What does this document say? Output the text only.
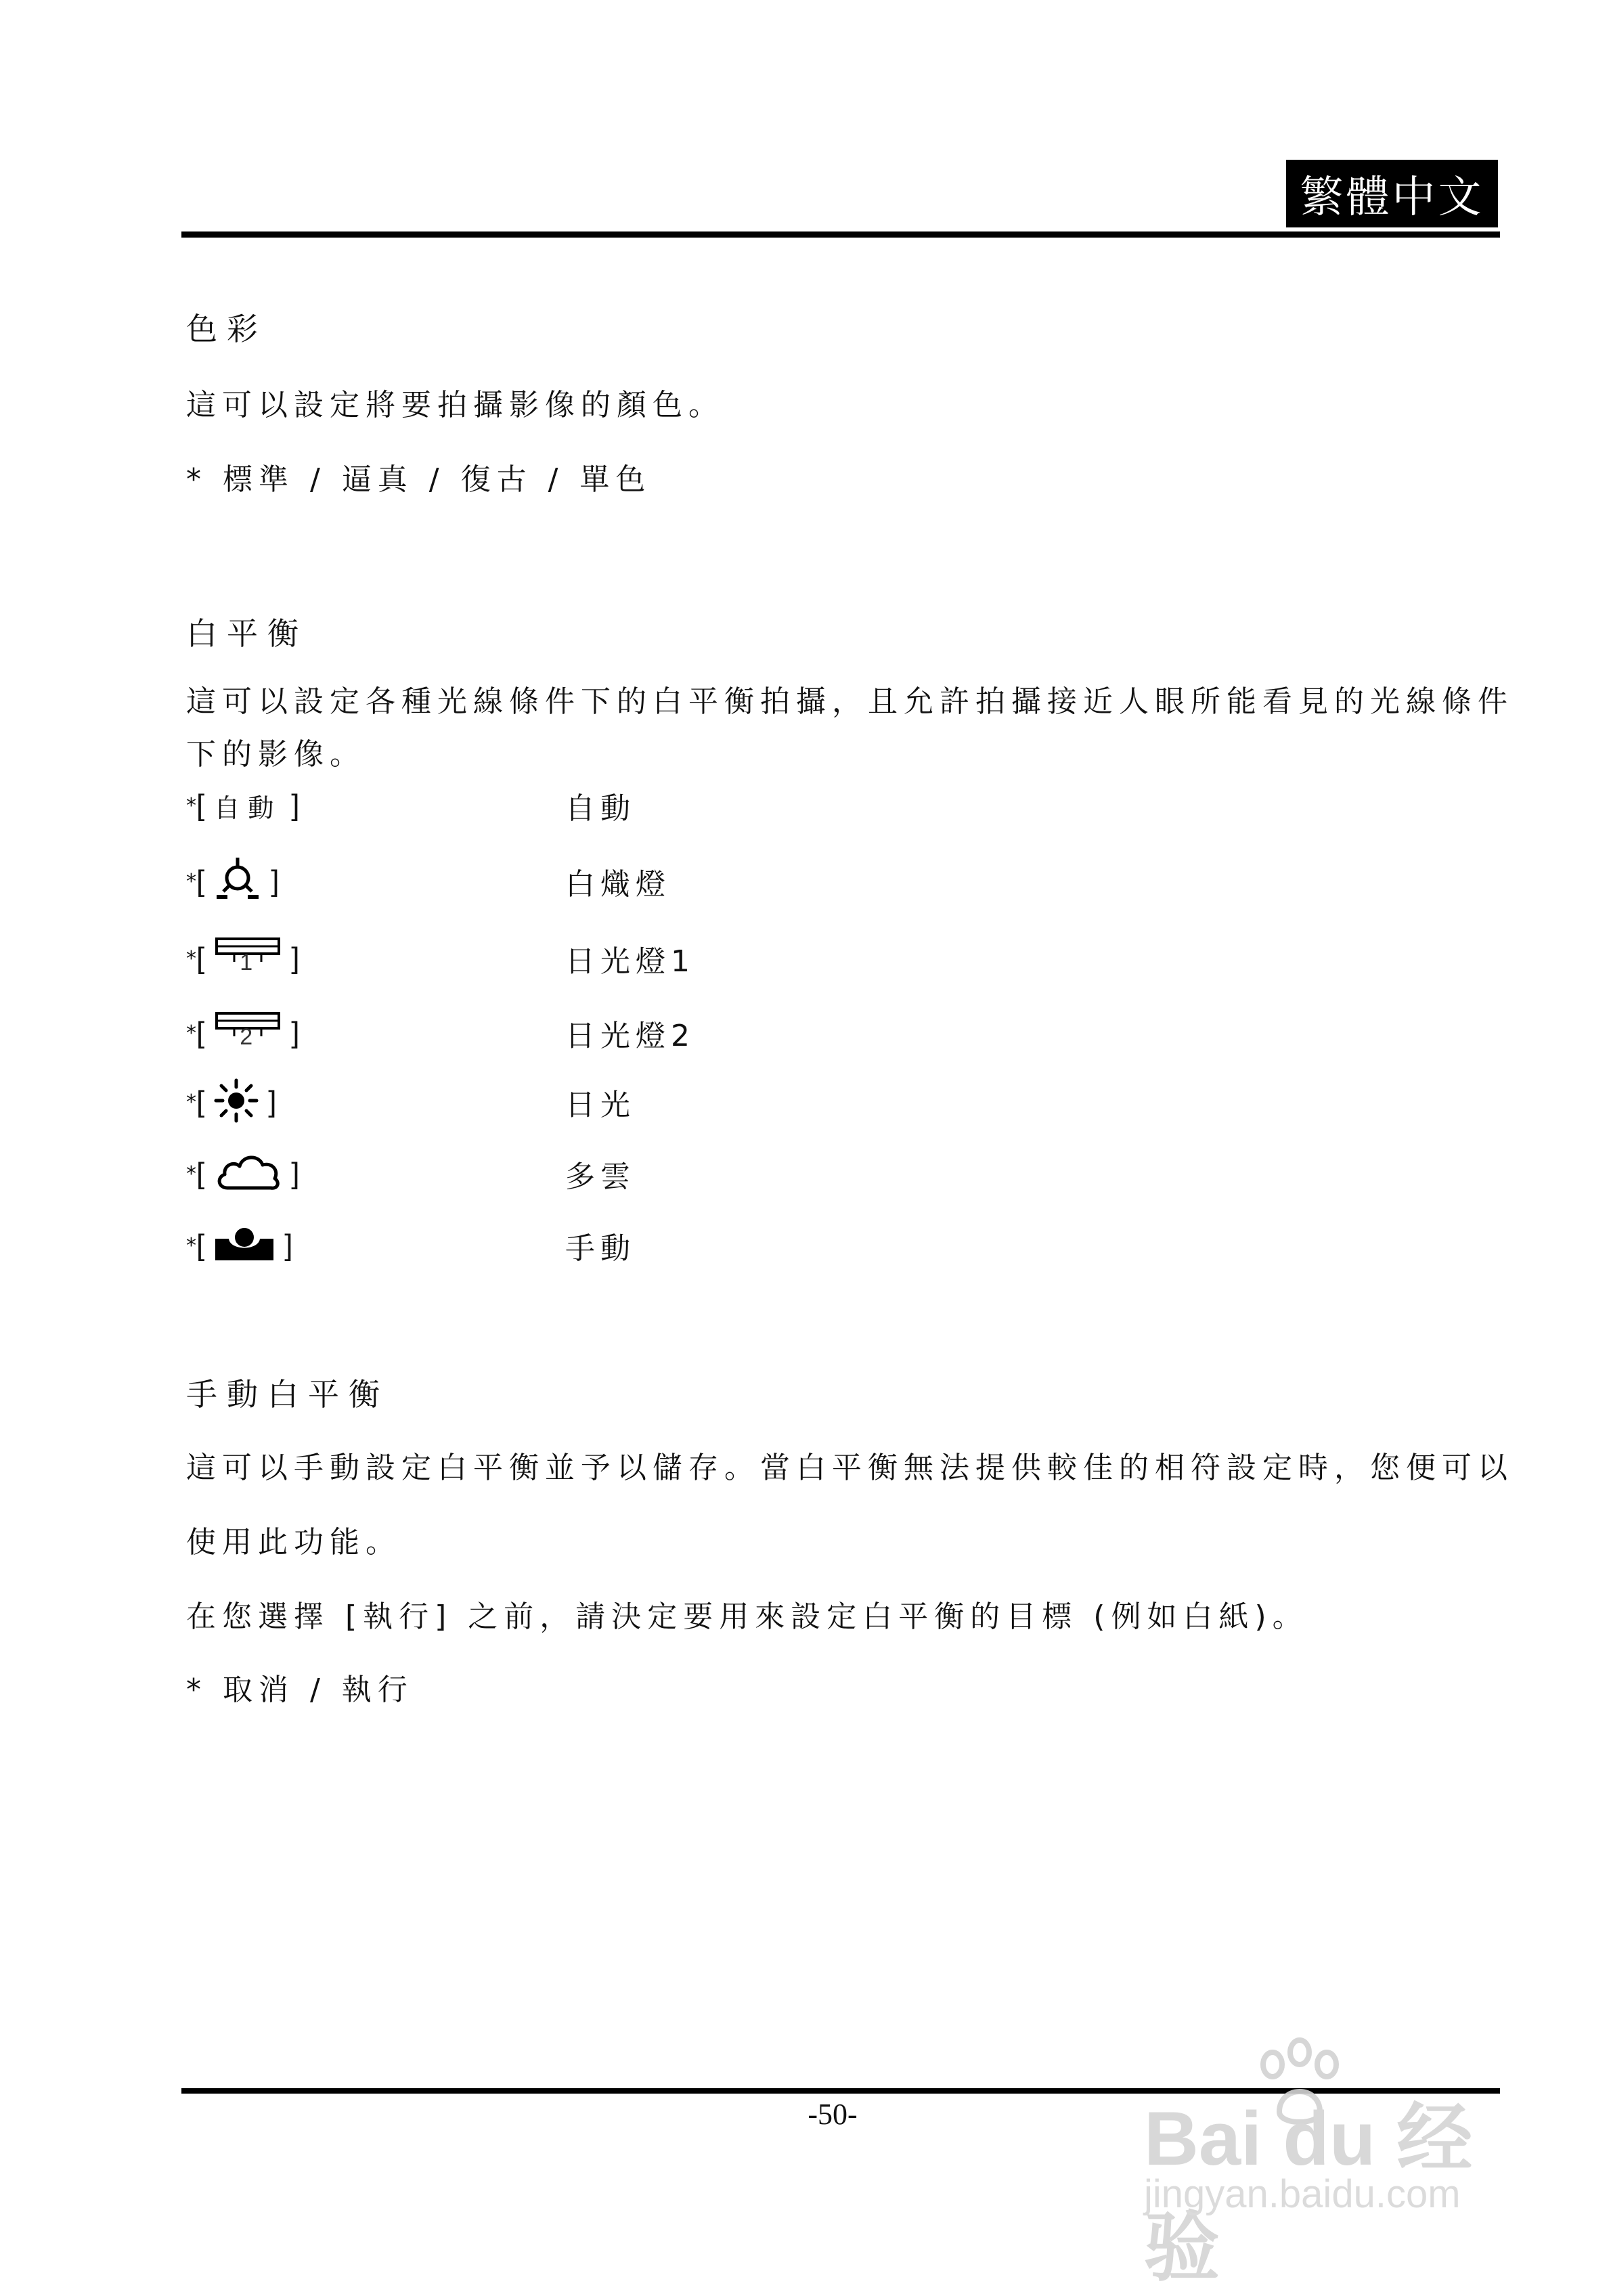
繁體中文
色彩
這可以設定將要拍攝影像的顏色。
* 標準 / 逼真 / 復古 / 單色
白平衡
這可以設定各種光線條件下的白平衡拍攝，且允許拍攝接近人眼所能看見的光線條件
下的影像。
* [ 自動 ]	自動
* [ ]	白熾燈
* [ 1 ]	日光燈1
* [ 2 ]	日光燈2
* [ ]	日光
* [	]	多雲
* [	]	手動
手動白平衡
這可以手動設定白平衡並予以儲存。當白平衡無法提供較佳的相符設定時，您便可以
使用此功能。
在您選擇 [執行] 之前，請決定要用來設定白平衡的目標 (例如白紙)。
* 取消 / 執行
-50-	Bai du 经验
jingyan.baidu.com
